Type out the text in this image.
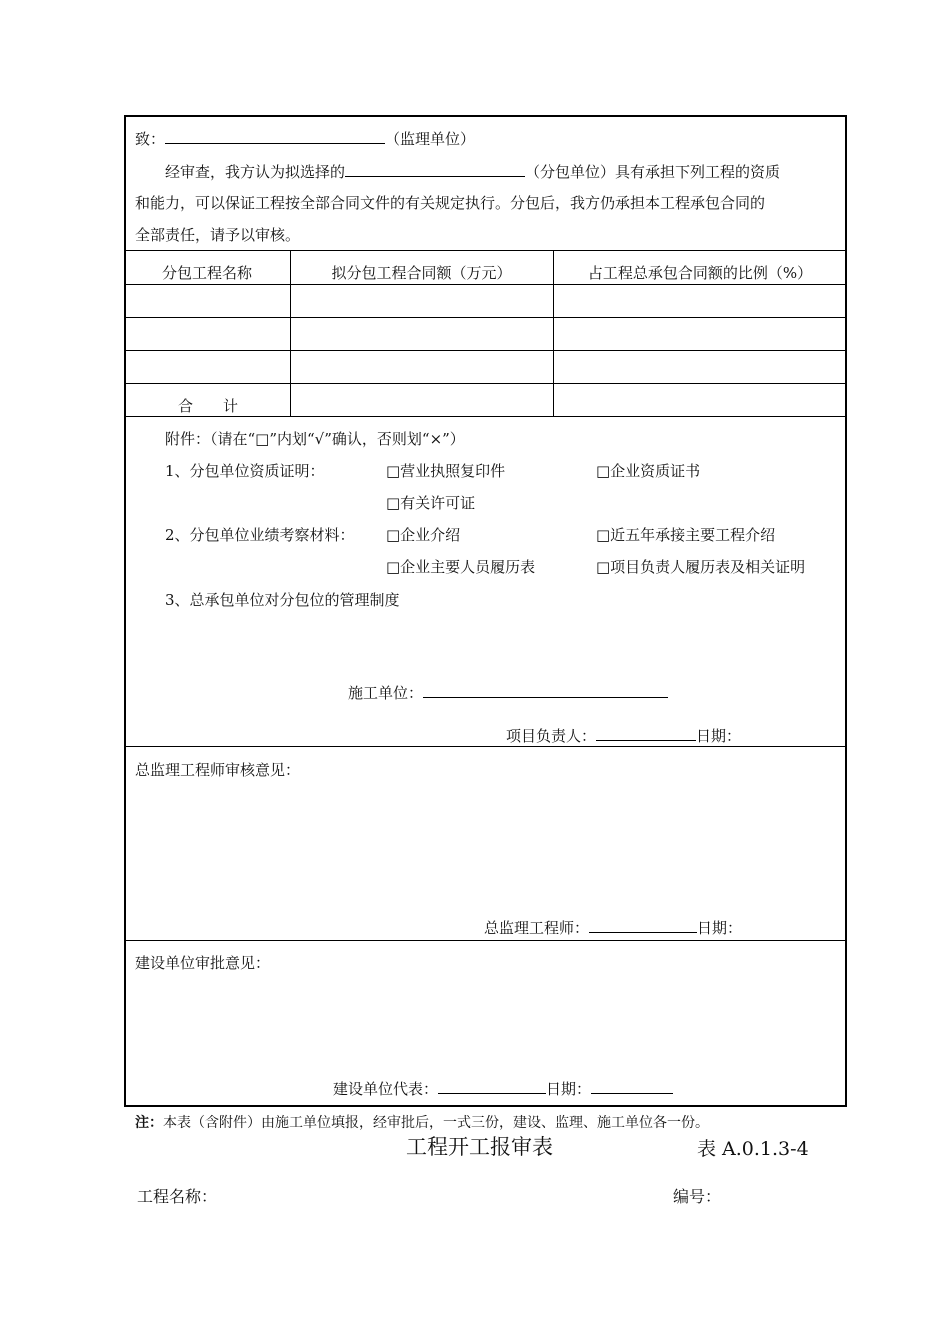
致：	（监理单位）
经审查，我方认为拟选择的	（分包单位）具有承担下列工程的资质
和能力，可以保证工程按全部合同文件的有关规定执行。分包后，我方仍承担本工程承包合同的
全部责任，请予以审核。
分包工程名称	拟分包工程合同额（万元）	占工程总承包合同额的比例（%）
合　　计
附件：（请在“□”内划“√”确认，否则划“×”）
1、分包单位资质证明：	□营业执照复印件	□企业资质证书
□有关许可证
2、分包单位业绩考察材料： □企业介绍	□近五年承接主要工程介绍
□企业主要人员履历表	□项目负责人履历表及相关证明
3、总承包单位对分包位的管理制度
施工单位：
项目负责人：	日期：
总监理工程师审核意见：
总监理工程师：	日期：
建设单位审批意见：
建设单位代表：	日期：
注：本表（含附件）由施工单位填报，经审批后，一式三份，建设、监理、施工单位各一份。
工程开工报审表	表 A.0.1.3-4
工程名称：	编号：
